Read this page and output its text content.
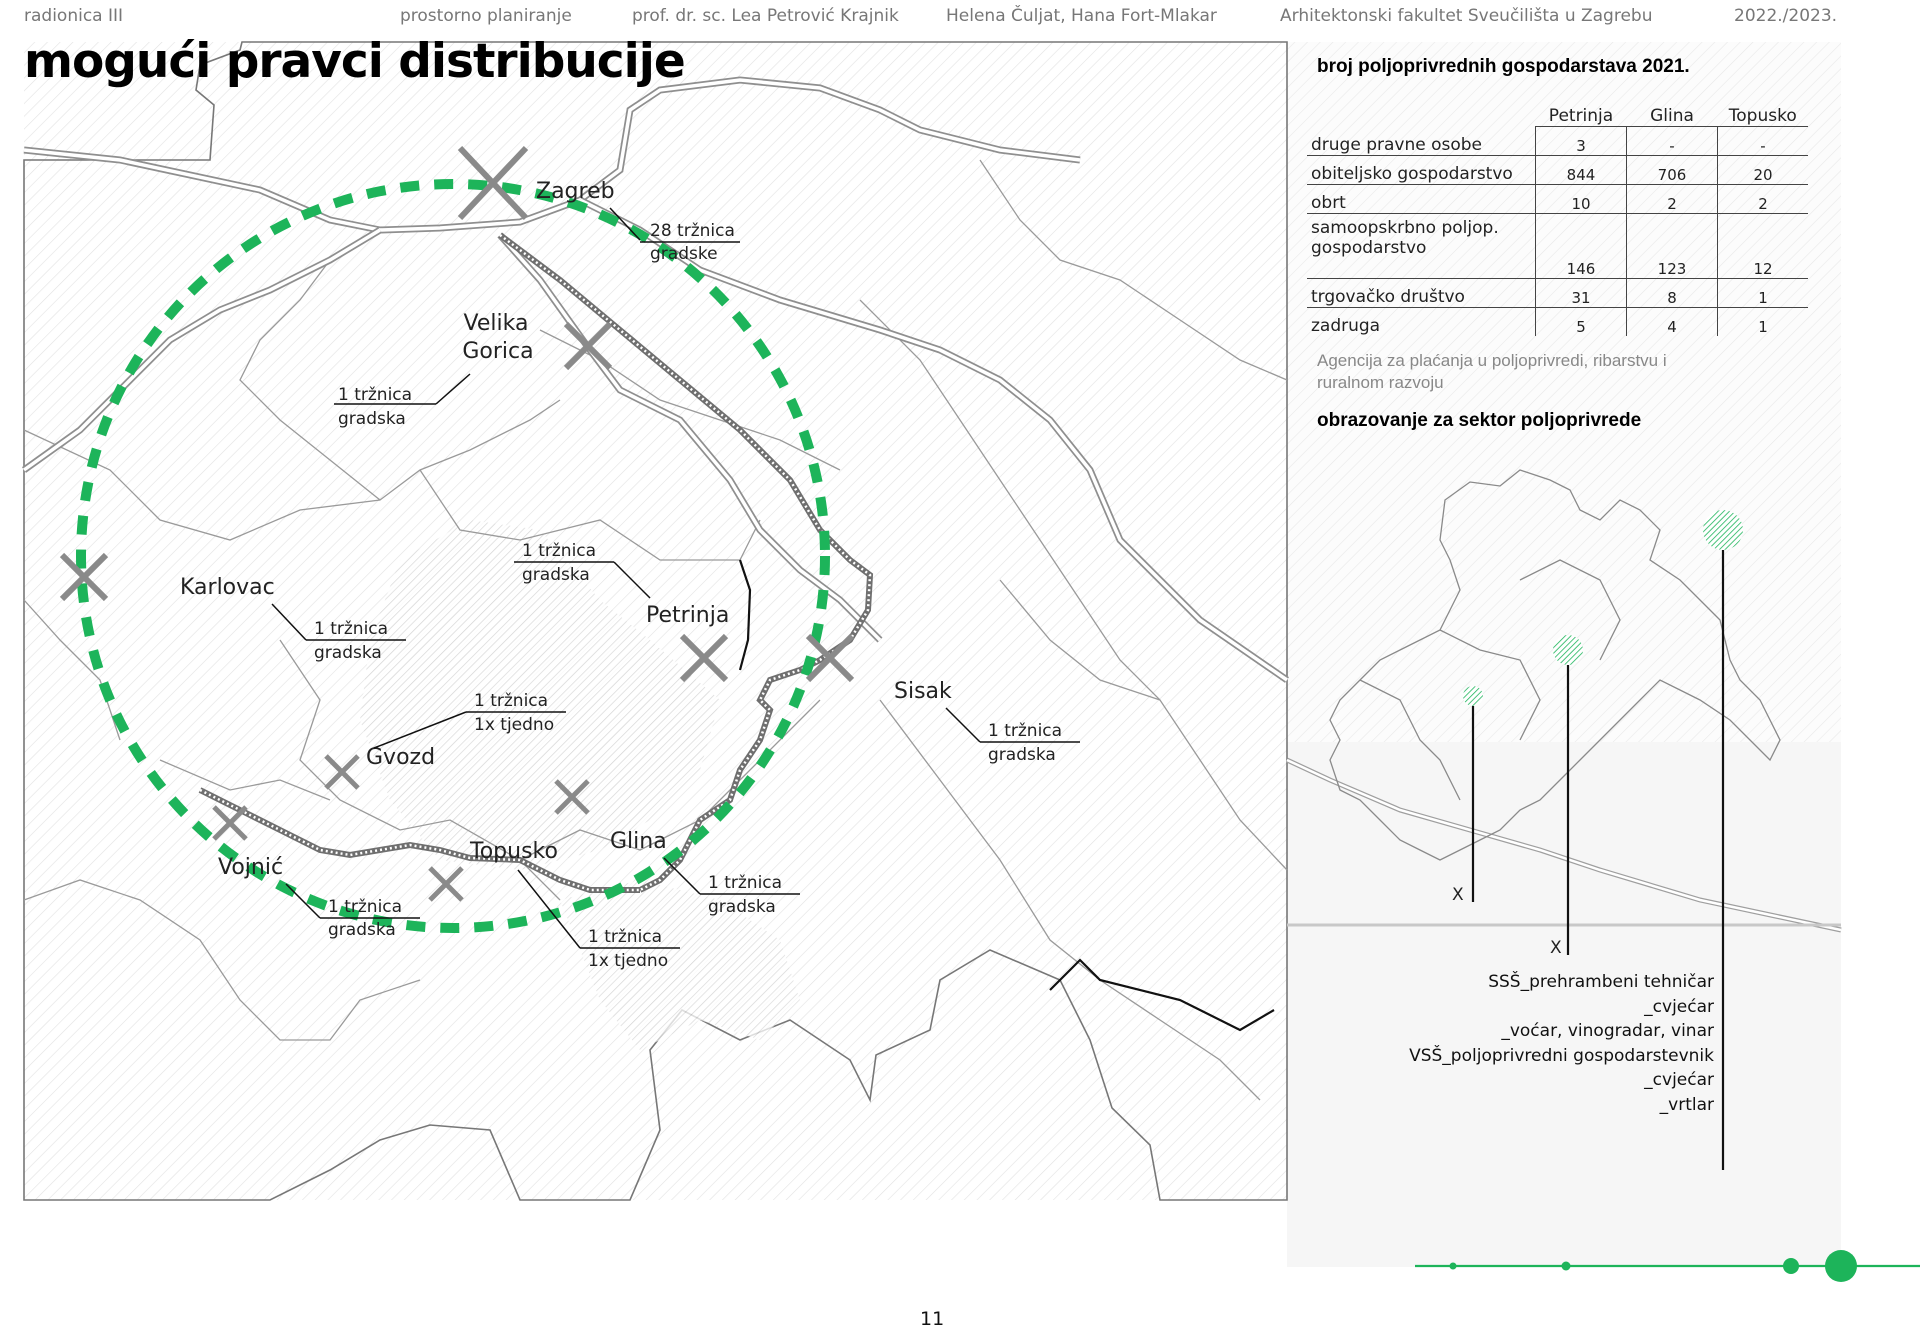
radionica III	prostorno planiranje	prof. dr. sc. Lea Petrović Krajnik	Helena Čuljat, Hana Fort-Mlakar	Arhitektonski fakultet Sveučilišta u Zagrebu	2022./2023.
Zagreb
Velika Gorica
Karlovac
Petrinja
Sisak
Gvozd
Vojnić
Topusko Glina
28 tržnica gradske
1 tržnica gradska
1 tržnica gradska
1 tržnica gradska
1 tržnica 1x tjedno	1 tržnica gradska
1 tržnica gradska
1 tržnica gradska
1 tržnica 1x tjedno
X
X
mogući pravci distribucije	broj poljoprivrednih gospodarstava 2021.
	Petrinja	Glina	Topusko
druge pravne osobe	3	-	-
obiteljsko gospodarstvo	844	706	20
obrt	10	2	2
samoopskrbno poljop. gospodarstvo	146	123	12
trgovačko društvo	31	8	1
zadruga	5	4	1
Agencija za plaćanja u poljoprivredi, ribarstvu i ruralnom razvoju
obrazovanje za sektor poljoprivrede
SSŠ_prehrambeni tehničar
_cvjećar
_voćar, vinogradar, vinar
VSŠ_poljoprivredni gospodarstevnik
_cvjećar
_vrtlar
11
